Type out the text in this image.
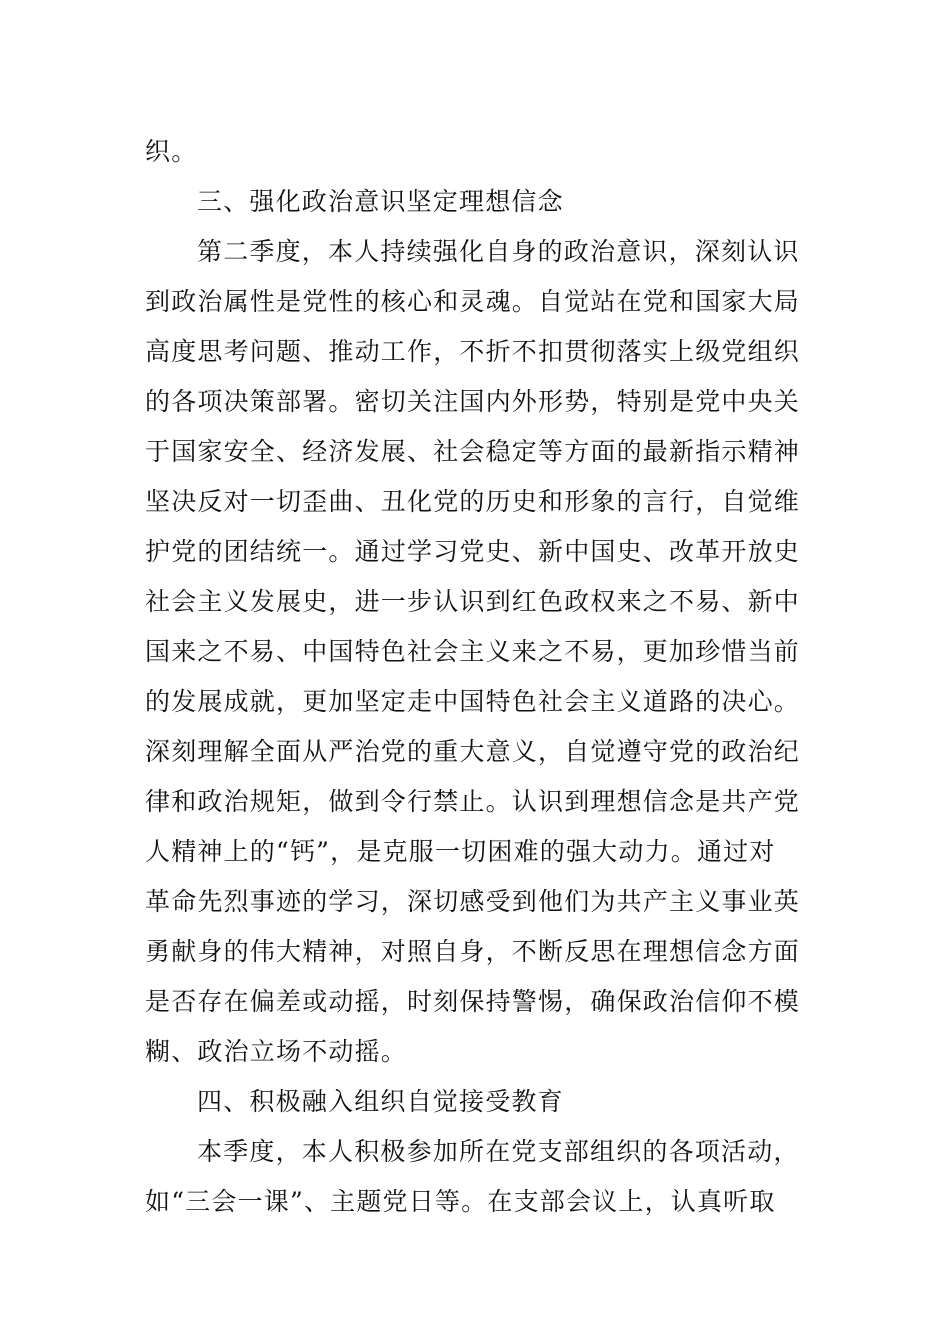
织。
三、强化政治意识坚定理想信念
第二季度，本人持续强化自身的政治意识，深刻认识
到政治属性是党性的核心和灵魂。自觉站在党和国家大局
高度思考问题、推动工作，不折不扣贯彻落实上级党组织
的各项决策部署。密切关注国内外形势，特别是党中央关
于国家安全、经济发展、社会稳定等方面的最新指示精神
坚决反对一切歪曲、丑化党的历史和形象的言行，自觉维
护党的团结统一。通过学习党史、新中国史、改革开放史
社会主义发展史，进一步认识到红色政权来之不易、新中
国来之不易、中国特色社会主义来之不易，更加珍惜当前
的发展成就，更加坚定走中国特色社会主义道路的决心。
深刻理解全面从严治党的重大意义，自觉遵守党的政治纪
律和政治规矩，做到令行禁止。认识到理想信念是共产党
人精神上的“钙”，是克服一切困难的强大动力。通过对
革命先烈事迹的学习，深切感受到他们为共产主义事业英
勇献身的伟大精神，对照自身，不断反思在理想信念方面
是否存在偏差或动摇，时刻保持警惕，确保政治信仰不模
糊、政治立场不动摇。
四、积极融入组织自觉接受教育
本季度，本人积极参加所在党支部组织的各项活动，
如“三会一课”、主题党日等。在支部会议上，认真听取
